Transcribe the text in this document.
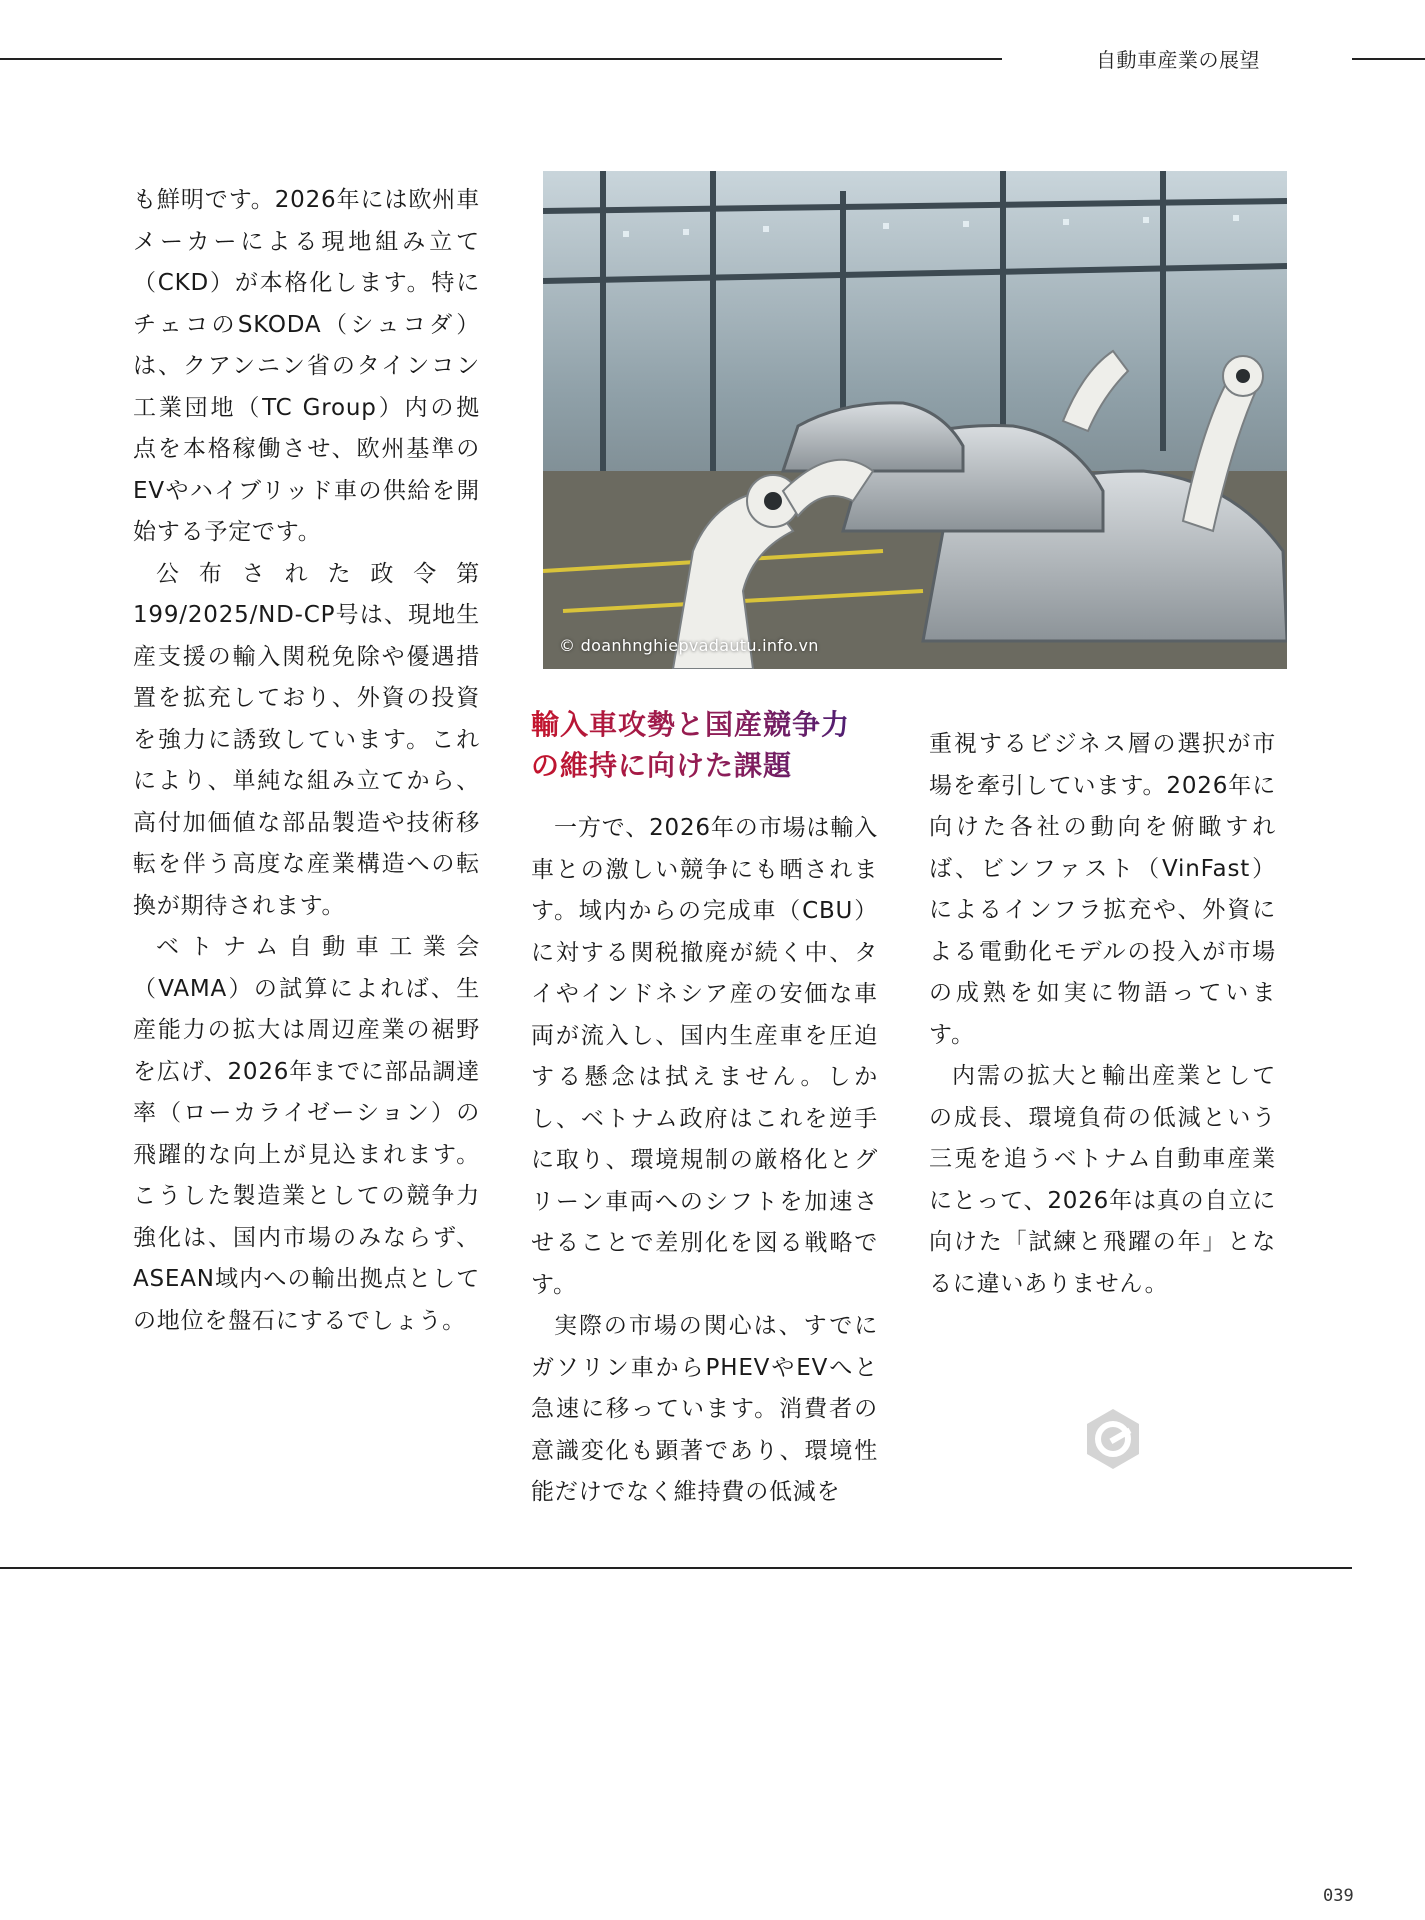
自動車産業の展望

も鮮明です。2026年には欧州車メーカーによる現地組み立て（CKD）が本格化します。特にチェコのSKODA（シュコダ）は、クアンニン省のタインコン工業団地（TC Group）内の拠点を本格稼働させ、欧州基準のEVやハイブリッド車の供給を開始する予定です。

公布された政令第199/2025/ND-CP号は、現地生産支援の輸入関税免除や優遇措置を拡充しており、外資の投資を強力に誘致しています。これにより、単純な組み立てから、高付加価値な部品製造や技術移転を伴う高度な産業構造への転換が期待されます。

ベトナム自動車工業会（VAMA）の試算によれば、生産能力の拡大は周辺産業の裾野を広げ、2026年までに部品調達率（ローカライゼーション）の飛躍的な向上が見込まれます。こうした製造業としての競争力強化は、国内市場のみならず、ASEAN域内への輸出拠点としての地位を盤石にするでしょう。

© doanhnghiepvadautu.info.vn
輸入車攻勢と国産競争力
の維持に向けた課題

一方で、2026年の市場は輸入車との激しい競争にも晒されます。域内からの完成車（CBU）に対する関税撤廃が続く中、タイやインドネシア産の安価な車両が流入し、国内生産車を圧迫する懸念は拭えません。しかし、ベトナム政府はこれを逆手に取り、環境規制の厳格化とグリーン車両へのシフトを加速させることで差別化を図る戦略です。

実際の市場の関心は、すでにガソリン車からPHEVやEVへと急速に移っています。消費者の意識変化も顕著であり、環境性能だけでなく維持費の低減を

重視するビジネス層の選択が市場を牽引しています。2026年に向けた各社の動向を俯瞰すれば、ビンファスト（VinFast）によるインフラ拡充や、外資による電動化モデルの投入が市場の成熟を如実に物語っています。

内需の拡大と輸出産業としての成長、環境負荷の低減という三兎を追うベトナム自動車産業にとって、2026年は真の自立に向けた「試練と飛躍の年」となるに違いありません。

039
